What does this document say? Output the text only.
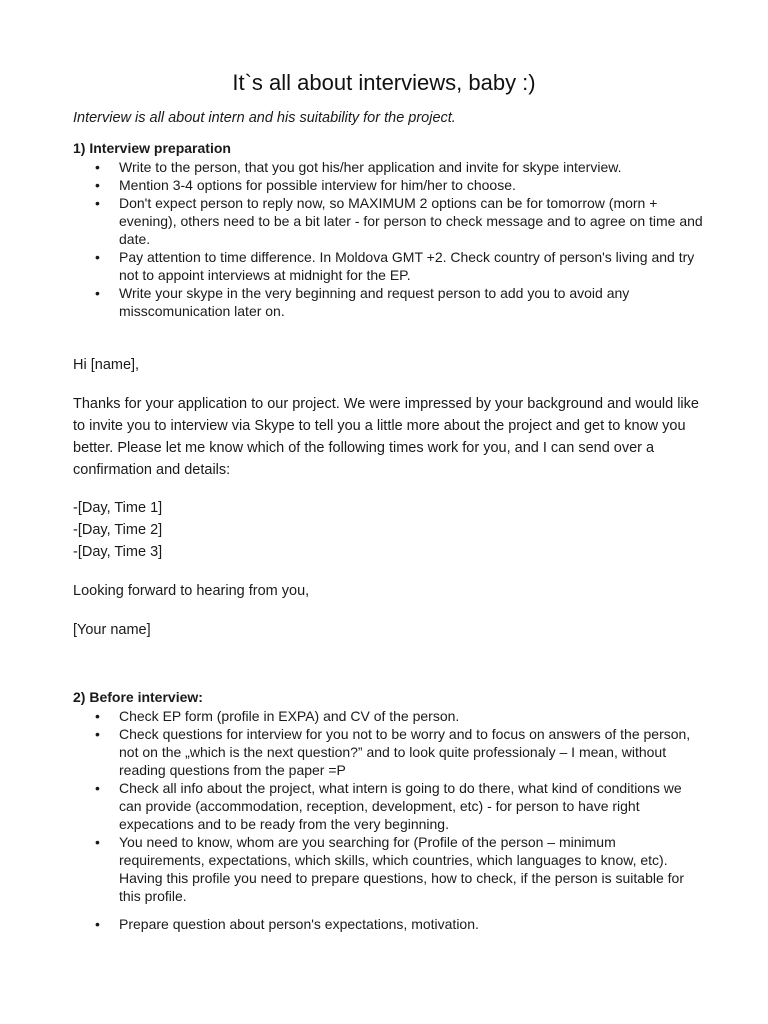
It`s all about interviews, baby :)
Interview is all about intern and his suitability for the project.
1) Interview preparation
• Write to the person, that you got his/her application and invite for skype interview.
• Mention 3-4 options for possible interview for him/her to choose.
• Don't expect person to reply now, so MAXIMUM 2 options can be for tomorrow (morn + evening), others need to be a bit later - for person to check message and to agree on time and date.
• Pay attention to time difference. In Moldova GMT +2. Check country of person's living and try not to appoint interviews at midnight for the EP.
• Write your skype in the very beginning and request person to add you to avoid any misscomunication later on.
Hi [name],
Thanks for your application to our project. We were impressed by your background and would like to invite you to interview via Skype to tell you a little more about the project and get to know you better. Please let me know which of the following times work for you, and I can send over a confirmation and details:

-[Day, Time 1]

-[Day, Time 2]

-[Day, Time 3]

Looking forward to hearing from you,
[Your name]
2) Before interview:
• Check EP form (profile in EXPA) and CV of the person.
• Check questions for interview for you not to be worry and to focus on answers of the person, not on the „which is the next question?” and to look quite professionaly – I mean, without reading questions from the paper =P
• Check all info about the project, what intern is going to do there, what kind of conditions we can provide (accommodation, reception, development, etc) - for person to have right expecations and to be ready from the very beginning.
• You need to know, whom are you searching for (Profile of the person – minimum requirements, expectations, which skills, which countries, which languages to know, etc). Having this profile you need to prepare questions, how to check, if the person is suitable for this profile.
• Prepare question about person's expectations, motivation.
